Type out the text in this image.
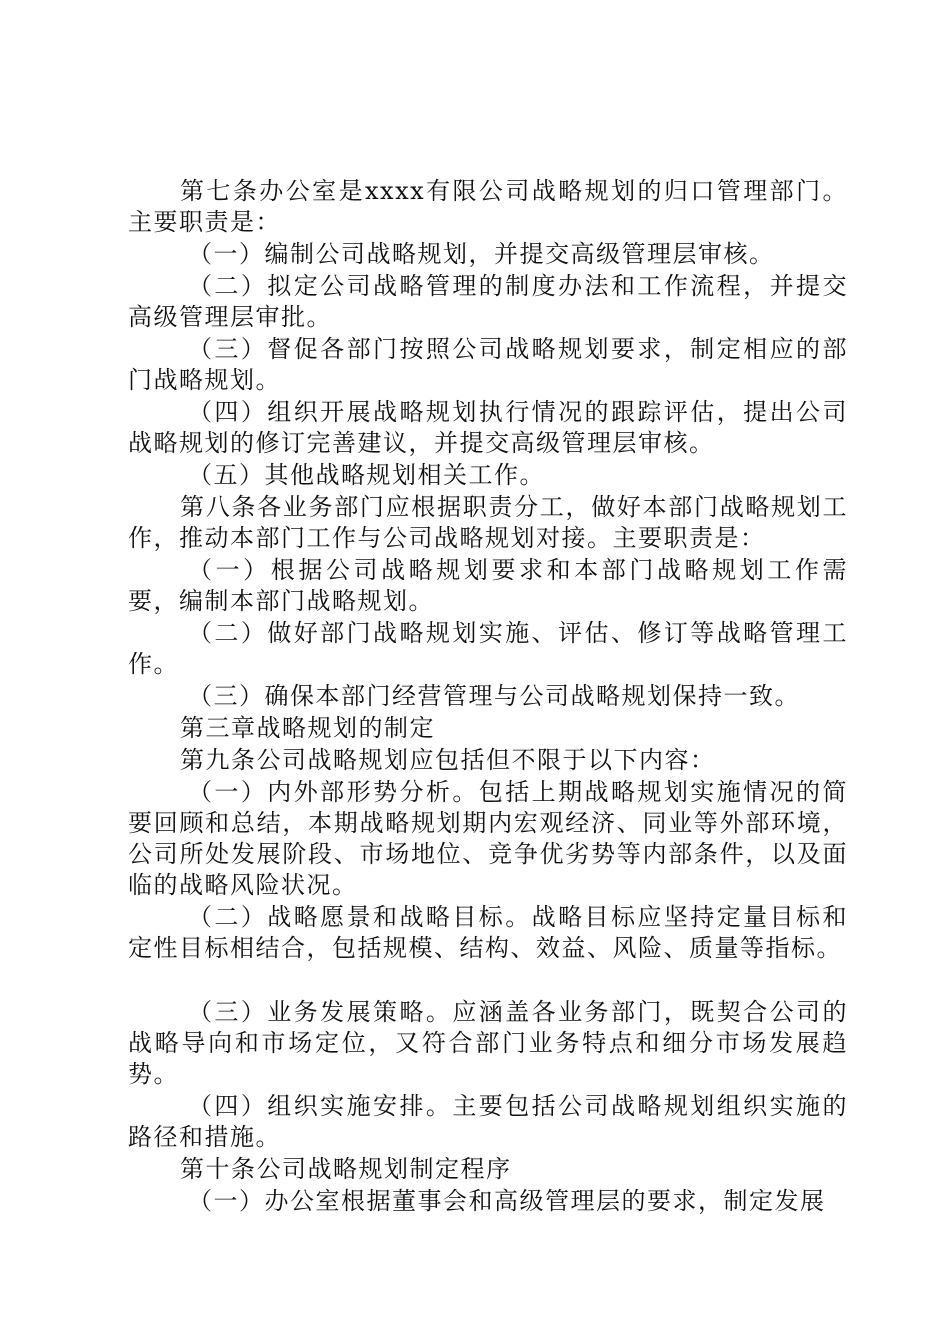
第七条办公室是xxxx有限公司战略规划的归口管理部门。主要职责是：

（一）编制公司战略规划，并提交高级管理层审核。

（二）拟定公司战略管理的制度办法和工作流程，并提交高级管理层审批。

（三）督促各部门按照公司战略规划要求，制定相应的部门战略规划。

（四）组织开展战略规划执行情况的跟踪评估，提出公司战略规划的修订完善建议，并提交高级管理层审核。

（五）其他战略规划相关工作。

第八条各业务部门应根据职责分工，做好本部门战略规划工作，推动本部门工作与公司战略规划对接。主要职责是：

（一）根据公司战略规划要求和本部门战略规划工作需要，编制本部门战略规划。

（二）做好部门战略规划实施、评估、修订等战略管理工作。

（三）确保本部门经营管理与公司战略规划保持一致。

第三章战略规划的制定

第九条公司战略规划应包括但不限于以下内容：

（一）内外部形势分析。包括上期战略规划实施情况的简要回顾和总结，本期战略规划期内宏观经济、同业等外部环境，公司所处发展阶段、市场地位、竞争优劣势等内部条件，以及面临的战略风险状况。

（二）战略愿景和战略目标。战略目标应坚持定量目标和定性目标相结合，包括规模、结构、效益、风险、质量等指标。

（三）业务发展策略。应涵盖各业务部门，既契合公司的战略导向和市场定位，又符合部门业务特点和细分市场发展趋势。

（四）组织实施安排。主要包括公司战略规划组织实施的路径和措施。

第十条公司战略规划制定程序

（一）办公室根据董事会和高级管理层的要求，制定发展
